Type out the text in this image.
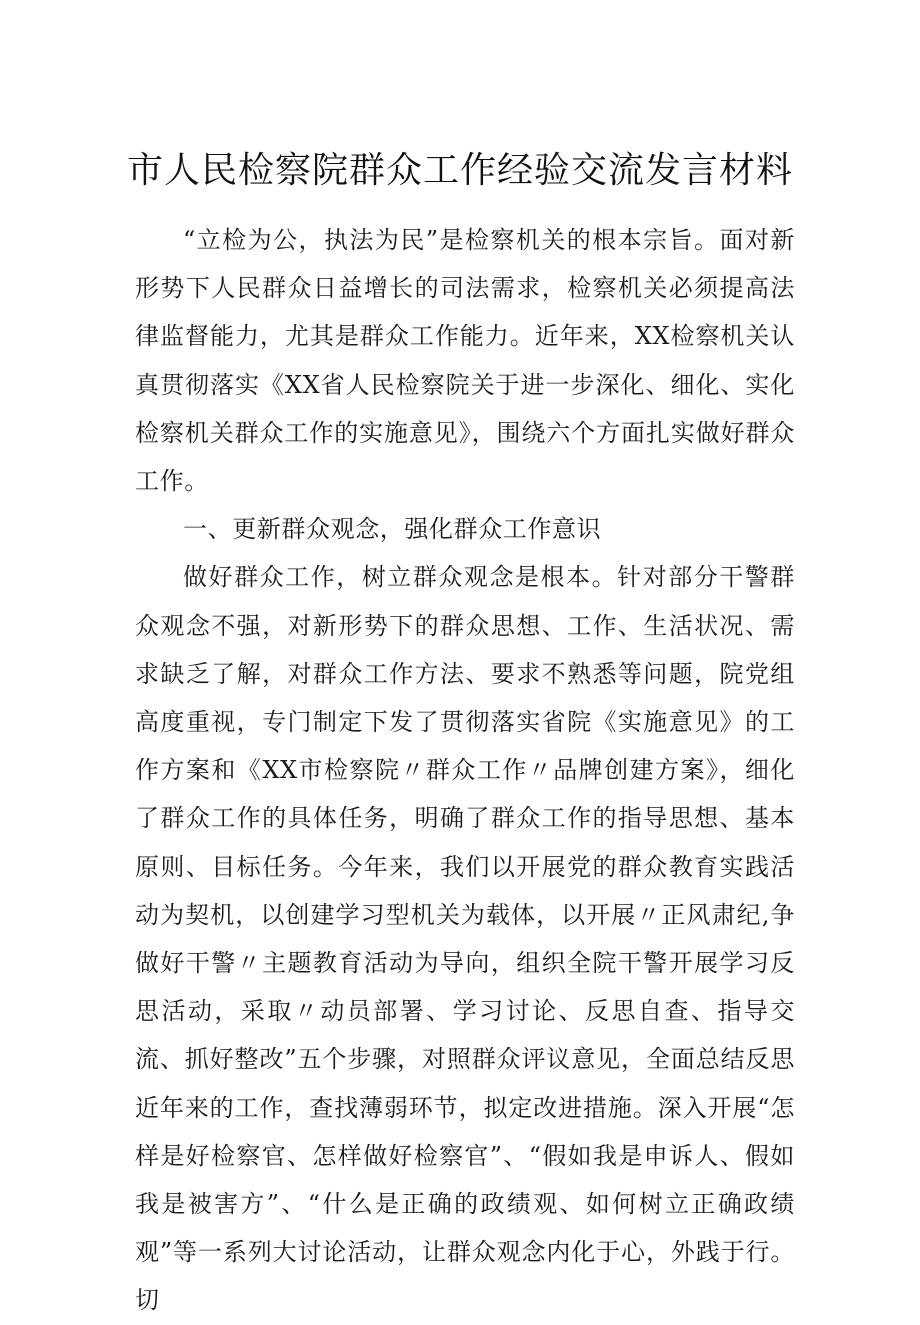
市人民检察院群众工作经验交流发言材料

“立检为公，执法为民”是检察机关的根本宗旨。面对新形势下人民群众日益增长的司法需求，检察机关必须提高法律监督能力，尤其是群众工作能力。近年来，XX检察机关认真贯彻落实《XX省人民检察院关于进一步深化、细化、实化检察机关群众工作的实施意见》，围绕六个方面扎实做好群众工作。

一、更新群众观念，强化群众工作意识

做好群众工作，树立群众观念是根本。针对部分干警群众观念不强，对新形势下的群众思想、工作、生活状况、需求缺乏了解，对群众工作方法、要求不熟悉等问题，院党组高度重视，专门制定下发了贯彻落实省院《实施意见》的工作方案和《XX市检察院〃群众工作〃品牌创建方案》，细化了群众工作的具体任务，明确了群众工作的指导思想、基本原则、目标任务。今年来，我们以开展党的群众教育实践活动为契机，以创建学习型机关为载体，以开展〃正风肃纪,争做好干警〃主题教育活动为导向，组织全院干警开展学习反思活动，采取〃动员部署、学习讨论、反思自查、指导交流、抓好整改”五个步骤，对照群众评议意见，全面总结反思近年来的工作，查找薄弱环节，拟定改进措施。深入开展“怎样是好检察官、怎样做好检察官”、“假如我是申诉人、假如我是被害方”、“什么是正确的政绩观、如何树立正确政绩观”等一系列大讨论活动，让群众观念内化于心，外践于行。切
